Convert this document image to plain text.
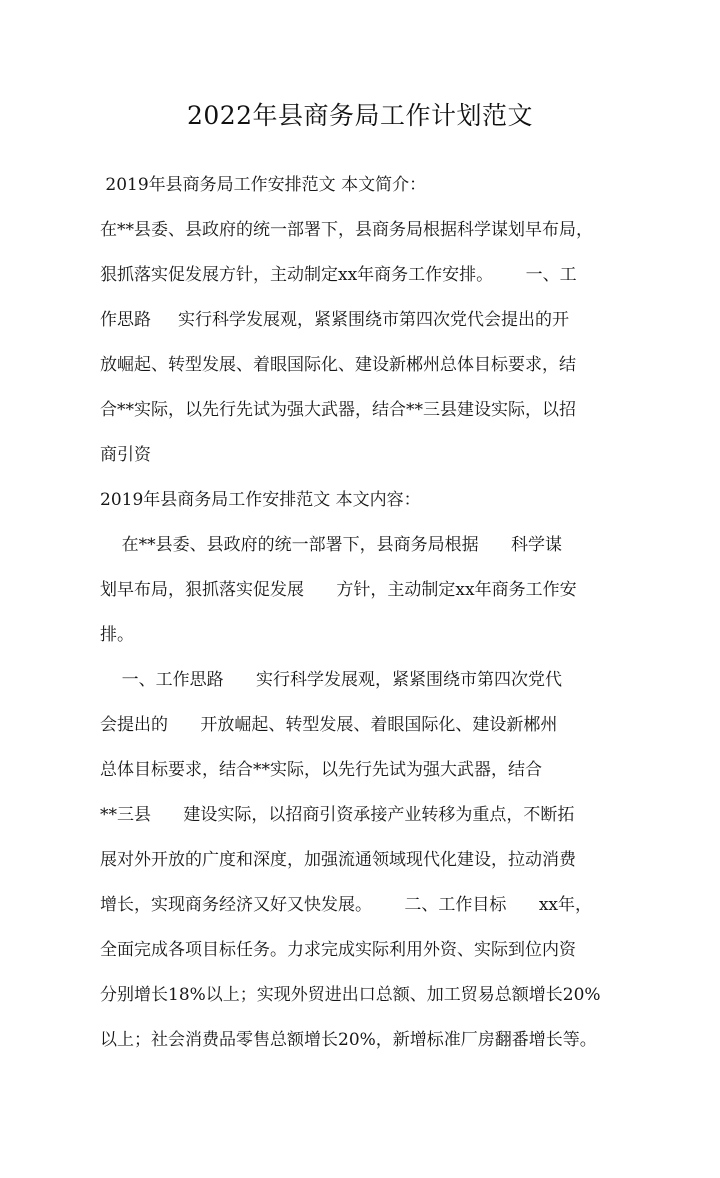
2022年县商务局工作计划范文
2019年县商务局工作安排范文 本文简介：
在**县委、县政府的统一部署下，县商务局根据科学谋划早布局，
狠抓落实促发展方针，主动制定xx年商务工作安排。      一、工
作思路     实行科学发展观，紧紧围绕市第四次党代会提出的开
放崛起、转型发展、着眼国际化、建设新郴州总体目标要求，结
合**实际，以先行先试为强大武器，结合**三县建设实际，以招
商引资
2019年县商务局工作安排范文 本文内容：
在**县委、县政府的统一部署下，县商务局根据      科学谋
划早布局，狠抓落实促发展      方针，主动制定xx年商务工作安
排。
一、工作思路      实行科学发展观，紧紧围绕市第四次党代
会提出的      开放崛起、转型发展、着眼国际化、建设新郴州
总体目标要求，结合**实际，以先行先试为强大武器，结合
**三县      建设实际，以招商引资承接产业转移为重点，不断拓
展对外开放的广度和深度，加强流通领域现代化建设，拉动消费
增长，实现商务经济又好又快发展。      二、工作目标      xx年，
全面完成各项目标任务。力求完成实际利用外资、实际到位内资
分别增长18%以上；实现外贸进出口总额、加工贸易总额增长20%
以上；社会消费品零售总额增长20%，新增标准厂房翻番增长等。
